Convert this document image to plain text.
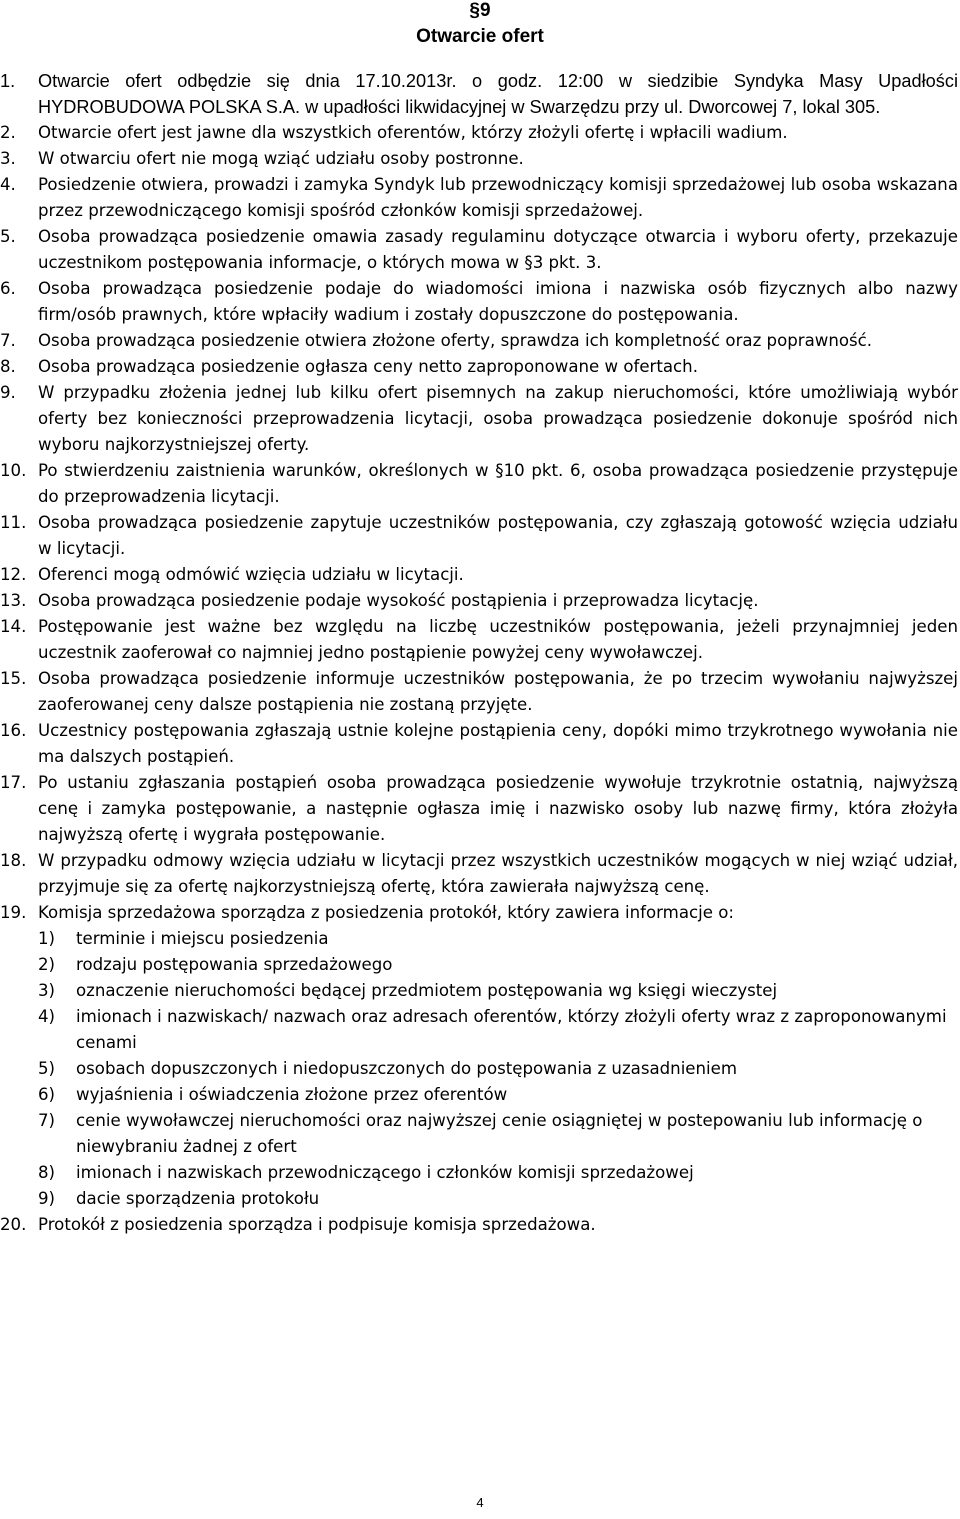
§9
Otwarcie ofert
1.	Otwarcie ofert odbędzie się dnia 17.10.2013r. o godz. 12:00 w siedzibie Syndyka Masy Upadłości HYDROBUDOWA POLSKA S.A. w upadłości likwidacyjnej w Swarzędzu przy ul. Dworcowej 7, lokal 305.
2.	Otwarcie ofert jest jawne dla wszystkich oferentów, którzy złożyli ofertę i wpłacili wadium.
3.	W otwarciu ofert nie mogą wziąć udziału osoby postronne.
4.	Posiedzenie otwiera, prowadzi i zamyka Syndyk lub przewodniczący komisji sprzedażowej lub osoba wskazana przez przewodniczącego komisji spośród członków komisji sprzedażowej.
5.	Osoba prowadząca posiedzenie omawia zasady regulaminu dotyczące otwarcia i wyboru oferty, przekazuje uczestnikom postępowania informacje, o których mowa w §3 pkt. 3.
6.	Osoba prowadząca posiedzenie podaje do wiadomości imiona i nazwiska osób fizycznych albo nazwy firm/osób prawnych, które wpłaciły wadium i zostały dopuszczone do postępowania.
7.	Osoba prowadząca posiedzenie otwiera złożone oferty, sprawdza ich kompletność oraz poprawność.
8.	Osoba prowadząca posiedzenie ogłasza ceny netto zaproponowane w ofertach.
9.	W przypadku złożenia jednej lub kilku ofert pisemnych na zakup nieruchomości, które umożliwiają wybór oferty bez konieczności przeprowadzenia licytacji, osoba prowadząca posiedzenie dokonuje spośród nich wyboru najkorzystniejszej oferty.
10. Po stwierdzeniu zaistnienia warunków, określonych w §10 pkt. 6, osoba prowadząca posiedzenie przystępuje do przeprowadzenia licytacji.
11. Osoba prowadząca posiedzenie zapytuje uczestników postępowania, czy zgłaszają gotowość wzięcia udziału w licytacji.
12. Oferenci mogą odmówić wzięcia udziału w licytacji.
13. Osoba prowadząca posiedzenie podaje wysokość postąpienia i przeprowadza licytację.
14. Postępowanie jest ważne bez względu na liczbę uczestników postępowania, jeżeli przynajmniej jeden uczestnik zaoferował co najmniej jedno postąpienie powyżej ceny wywoławczej.
15. Osoba prowadząca posiedzenie informuje uczestników postępowania, że po trzecim wywołaniu najwyższej zaoferowanej ceny dalsze postąpienia nie zostaną przyjęte.
16. Uczestnicy postępowania zgłaszają ustnie kolejne postąpienia ceny, dopóki mimo trzykrotnego wywołania nie ma dalszych postąpień.
17. Po ustaniu zgłaszania postąpień osoba prowadząca posiedzenie wywołuje trzykrotnie ostatnią, najwyższą cenę i zamyka postępowanie, a następnie ogłasza imię i nazwisko osoby lub nazwę firmy, która złożyła najwyższą ofertę i wygrała postępowanie.
18. W przypadku odmowy wzięcia udziału w licytacji przez wszystkich uczestników mogących w niej wziąć udział, przyjmuje się za ofertę najkorzystniejszą ofertę, która zawierała najwyższą cenę.
19. Komisja sprzedażowa sporządza z posiedzenia protokół, który zawiera informacje o:
1)	terminie i miejscu posiedzenia
2)	rodzaju postępowania sprzedażowego
3)	oznaczenie nieruchomości będącej przedmiotem postępowania wg księgi wieczystej
4)	imionach i nazwiskach/ nazwach oraz adresach oferentów, którzy złożyli oferty wraz z zaproponowanymi cenami
5)	osobach dopuszczonych i niedopuszczonych do postępowania z uzasadnieniem
6)	wyjaśnienia i oświadczenia złożone przez oferentów
7)	cenie wywoławczej nieruchomości oraz najwyższej cenie osiągniętej w postepowaniu lub informację o niewybraniu żadnej z ofert
8)	imionach i nazwiskach przewodniczącego i członków komisji sprzedażowej
9)	dacie sporządzenia protokołu
20. Protokół z posiedzenia sporządza i podpisuje komisja sprzedażowa.
4
